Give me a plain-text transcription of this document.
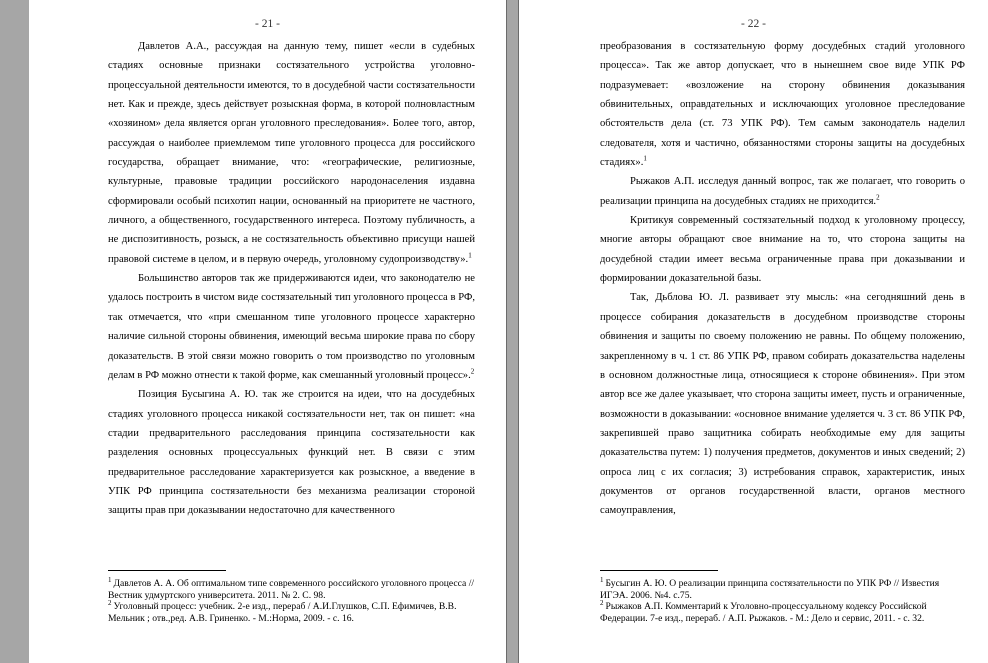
- 21 -

Давлетов А.А., рассуждая на данную тему, пишет «если в судебных стадиях основные признаки состязательного устройства уголовно-процессуальной деятельности имеются, то в досудебной части состязательности нет. Как и прежде, здесь действует розыскная форма, в которой полновластным «хозяином» дела является орган уголовного преследования». Более того, автор, рассуждая о наиболее приемлемом типе уголовного процесса для российского государства, обращает внимание, что: «географические, религиозные, культурные, правовые традиции российского народонаселения издавна сформировали особый психотип нации, основанный на приоритете не частного, личного, а общественного, государственного интереса. Поэтому публичность, а не диспозитивность, розыск, а не состязательность объективно присущи нашей правовой системе в целом, и в первую очередь, уголовному судопроизводству».$^1$

Большинство авторов так же придерживаются идеи, что законодателю не удалось построить в чистом виде состязательный тип уголовного процесса в РФ, так отмечается, что «при смешанном типе уголовного процессе характерно наличие сильной стороны обвинения, имеющий весьма широкие права по сбору доказательств. В этой связи можно говорить о том производство по уголовным делам в РФ можно отнести к такой форме, как смешанный уголовный процесс».$^2$

Позиция Бусыгина А. Ю. так же строится на идеи, что на досудебных стадиях уголовного процесса никакой состязательности нет, так он пишет: «на стадии предварительного расследования принципа состязательности как разделения основных процессуальных функций нет. В связи с этим предварительное расследование характеризуется как розыскное, а введение в УПК РФ принципа состязательности без механизма реализации стороной защиты прав при доказывании недостаточно для качественного

$^1$ Давлетов А. А. Об оптимальном типе современного российского уголовного процесса // Вестник удмуртского университета. 2011. № 2. С. 98.

$^2$ Уголовный процесс: учебник. 2-е изд., перераб / А.И.Глушков, С.П. Ефимичев, В.В. Мельник ; отв.,ред. А.В. Гриненко. - М.:Норма, 2009. - с. 16.

- 22 -

преобразования в состязательную форму досудебных стадий уголовного процесса». Так же автор допускает, что в нынешнем свое виде УПК РФ подразумевает: «возложение на сторону обвинения доказывания обвинительных, оправдательных и исключающих уголовное преследование обстоятельств дела (ст. 73 УПК РФ). Тем самым законодатель наделил следователя, хотя и частично, обязанностями стороны защиты на досудебных стадиях».$^1$

Рыжаков А.П. исследуя данный вопрос, так же полагает, что говорить о реализации принципа на досудебных стадиях не приходится.$^2$

Критикуя современный состязательный подход к уголовному процессу, многие авторы обращают свое внимание на то, что сторона защиты на досудебной стадии имеет весьма ограниченные права при доказывании и формировании доказательной базы.

Так, Дьблова Ю. Л. развивает эту мысль: «на сегодняшний день в процессе собирания доказательств в досудебном производстве стороны обвинения и защиты по своему положению не равны. По общему положению, закрепленному в ч. 1 ст. 86 УПК РФ, правом собирать доказательства наделены в основном должностные лица, относящиеся к стороне обвинения». При этом автор все же далее указывает, что сторона защиты имеет, пусть и ограниченные, возможности в доказывании: «основное внимание уделяется ч. 3 ст. 86 УПК РФ, закрепившей право защитника собирать необходимые ему для защиты доказательства путем: 1) получения предметов, документов и иных сведений; 2) опроса лиц с их согласия; 3) истребования справок, характеристик, иных документов от органов государственной власти, органов местного самоуправления,

$^1$ Бусыгин А. Ю. О реализации принципа состязательности по УПК РФ // Известия ИГЭА. 2006. №4. с.75.

$^2$ Рыжаков А.П. Комментарий к Уголовно-процессуальному кодексу Российской Федерации. 7-е изд., перераб. / А.П. Рыжаков. - М.: Дело и сервис, 2011. - с. 32.
